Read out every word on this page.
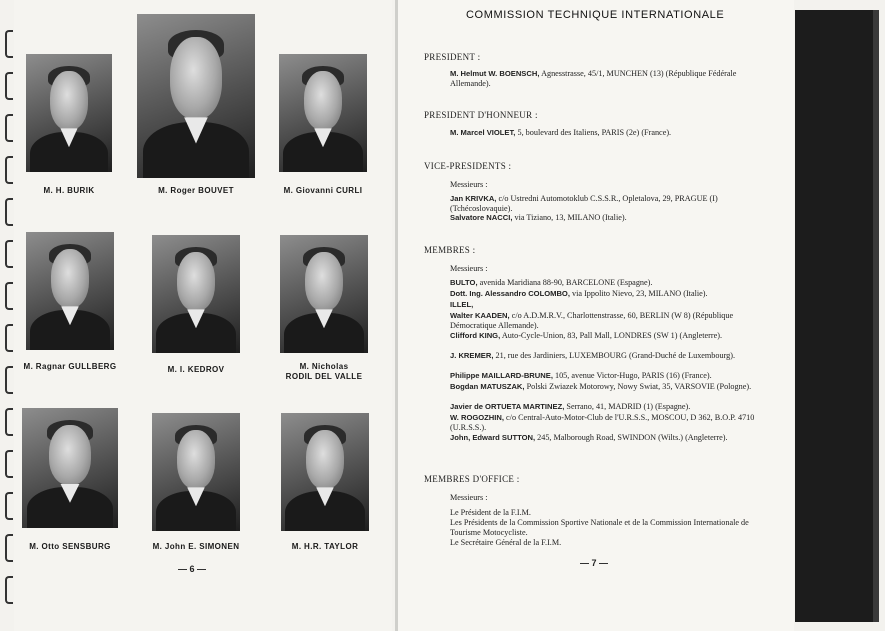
M. H. BURIK	M. Roger BOUVET	M. Giovanni CURLI
M. Ragnar GULLBERG	M. I. KEDROV	M. Nicholas
RODIL DEL VALLE
M. Otto SENSBURG	M. John E. SIMONEN	M. H.R. TAYLOR
— 6 —
COMMISSION TECHNIQUE INTERNATIONALE
PRESIDENT :
M. Helmut W. BOENSCH, Agnesstrasse, 45/1, MUNCHEN (13) (République Fédérale Allemande).
PRESIDENT D'HONNEUR :
M. Marcel VIOLET, 5, boulevard des Italiens, PARIS (2e) (France).
VICE-PRESIDENTS :
Messieurs :
Jan KRIVKA, c/o Ustredni Automotoklub C.S.S.R., Opletalova, 29, PRAGUE (I) (Tchécoslovaquie).
Salvatore NACCI, via Tiziano, 13, MILANO (Italie).
MEMBRES :
Messieurs :
BULTO, avenida Maridiana 88-90, BARCELONE (Espagne).
Dott. Ing. Alessandro COLOMBO, via Ippolito Nievo, 23, MILANO (Italie).
ILLEL,
Walter KAADEN, c/o A.D.M.R.V., Charlottenstrasse, 60, BERLIN (W 8) (République Démocratique Allemande).
Clifford KING, Auto-Cycle-Union, 83, Pall Mall, LONDRES (SW 1) (Angleterre).
J. KREMER, 21, rue des Jardiniers, LUXEMBOURG (Grand-Duché de Luxembourg).
Philippe MAILLARD-BRUNE, 105, avenue Victor-Hugo, PARIS (16) (France).
Bogdan MATUSZAK, Polski Zwiazek Motorowy, Nowy Swiat, 35, VARSOVIE (Pologne).
Javier de ORTUETA MARTINEZ, Serrano, 41, MADRID (1) (Espagne).
W. ROGOZHIN, c/o Central-Auto-Motor-Club de l'U.R.S.S., MOSCOU, D 362, B.O.P. 4710 (U.R.S.S.).
John, Edward SUTTON, 245, Malborough Road, SWINDON (Wilts.) (Angleterre).
MEMBRES D'OFFICE :
Messieurs :
Le Président de la F.I.M.
Les Présidents de la Commission Sportive Nationale et de la Commission Internationale de Tourisme Motocycliste.
Le Secrétaire Général de la F.I.M.
— 7 —
